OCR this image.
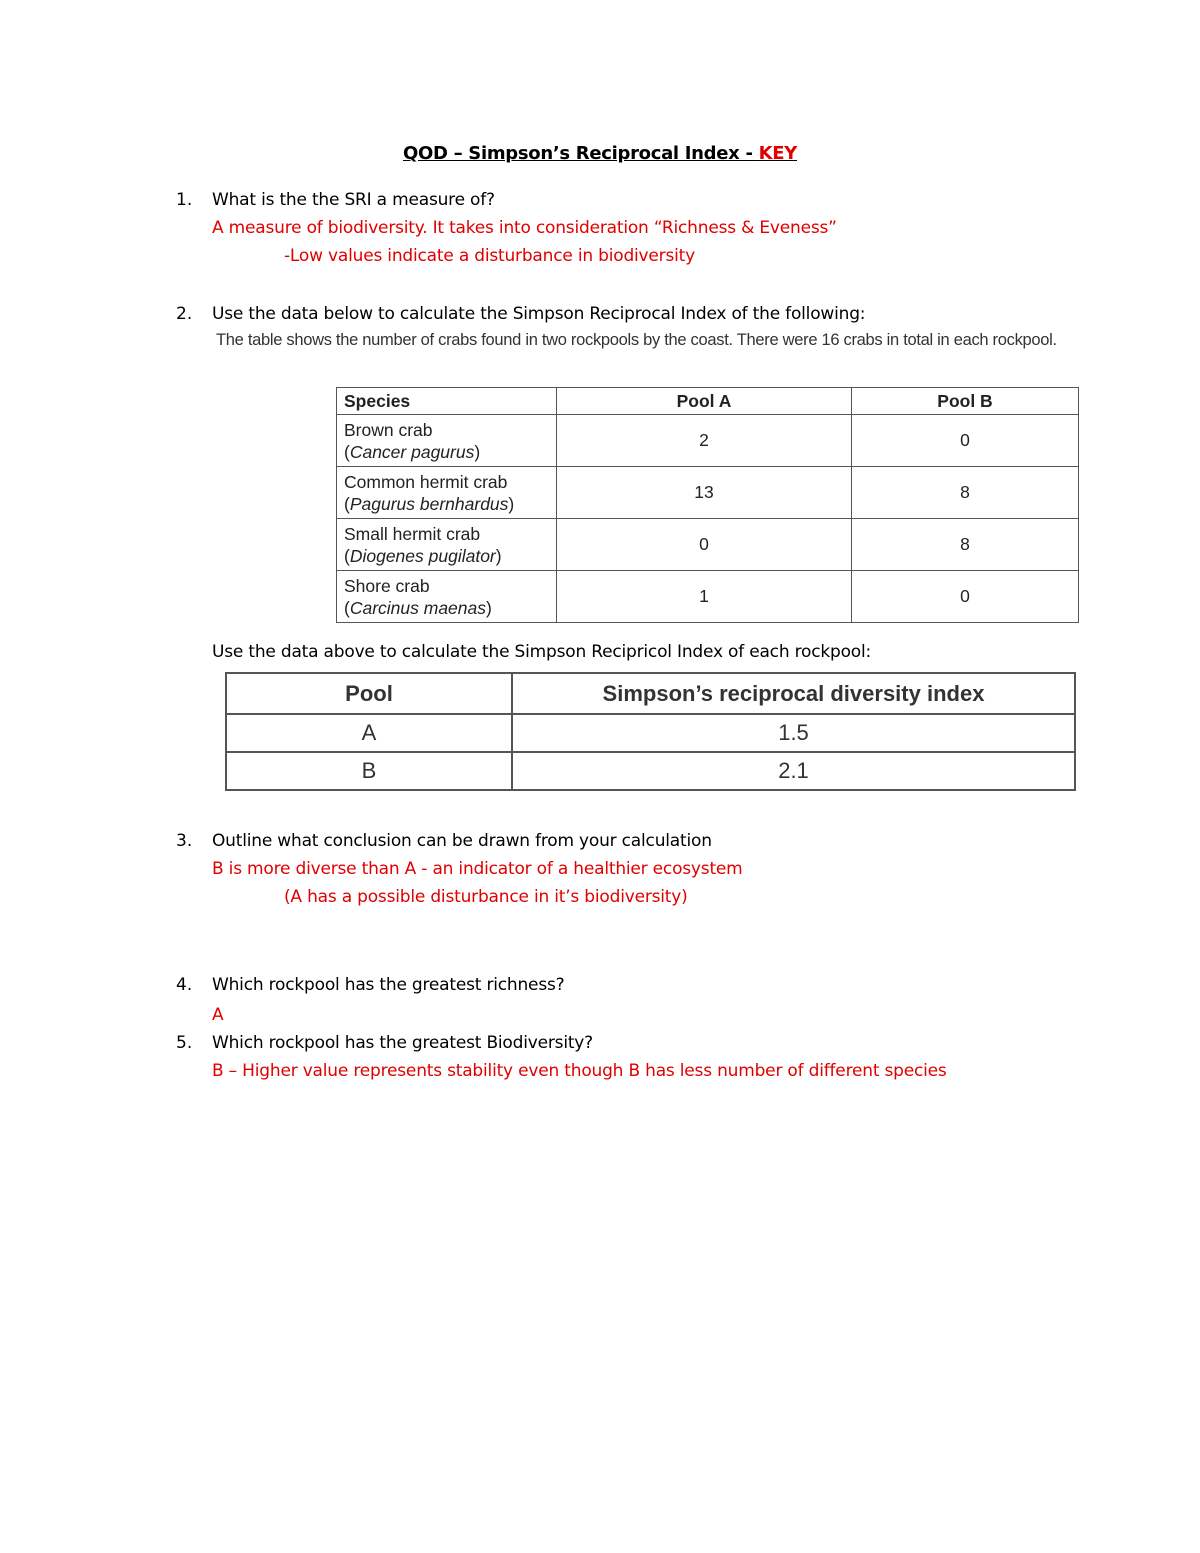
QOD – Simpson’s Reciprocal Index - KEY
1. What is the the SRI a measure of?
A measure of biodiversity. It takes into consideration “Richness & Eveness”
-Low values indicate a disturbance in biodiversity
2. Use the data below to calculate the Simpson Reciprocal Index of the following:
The table shows the number of crabs found in two rockpools by the coast. There were 16 crabs in total in each rockpool.
Species	Pool A	Pool B
Brown crab
(Cancer pagurus)	2	0
Common hermit crab
(Pagurus bernhardus)	13	8
Small hermit crab
(Diogenes pugilator)	0	8
Shore crab
(Carcinus maenas)	1	0
Use the data above to calculate the Simpson Recipricol Index of each rockpool:
Pool	Simpson’s reciprocal diversity index
A	1.5
B	2.1
3. Outline what conclusion can be drawn from your calculation
B is more diverse than A - an indicator of a healthier ecosystem
(A has a possible disturbance in it’s biodiversity)
4. Which rockpool has the greatest richness?
A
5. Which rockpool has the greatest Biodiversity?
B – Higher value represents stability even though B has less number of different species
